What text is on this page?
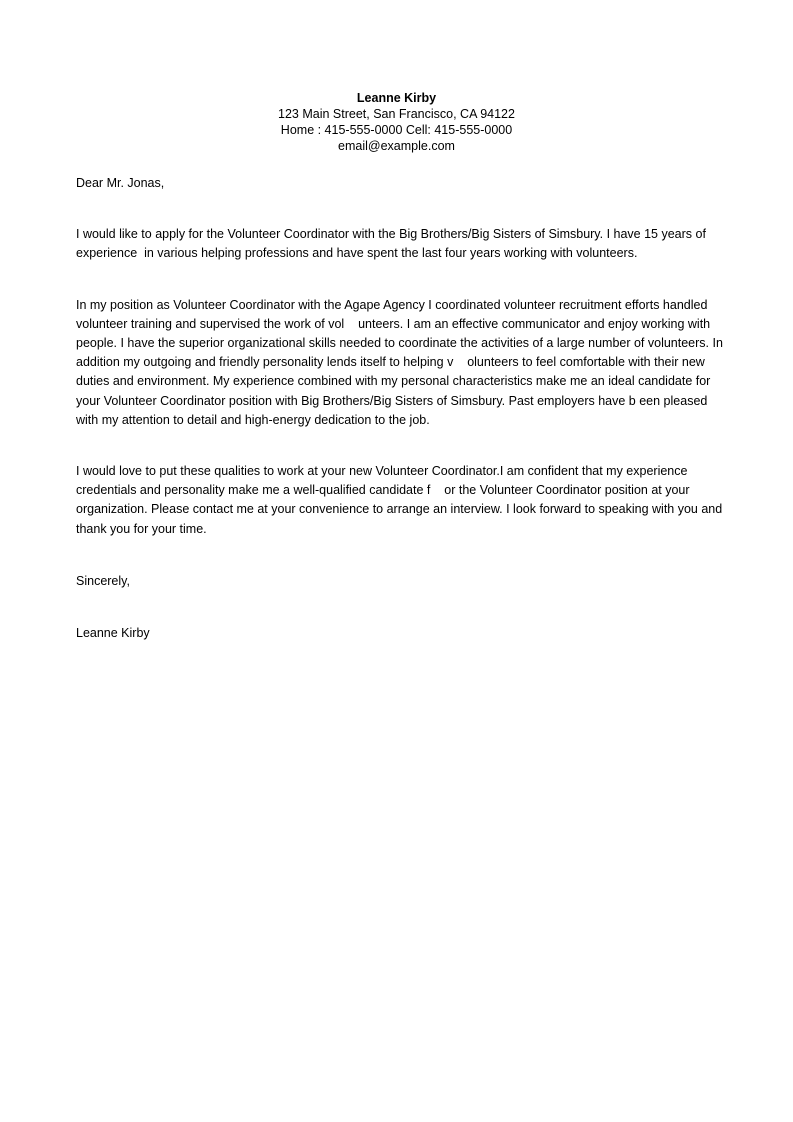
Leanne Kirby
123 Main Street, San Francisco, CA 94122
Home : 415-555-0000 Cell: 415-555-0000
email@example.com

Dear Mr. Jonas,

I would like to apply for the Volunteer Coordinator with the Big Brothers/Big Sisters of Simsbury. I have 15 years of experience  in various helping professions and have spent the last four years working with volunteers.

In my position as Volunteer Coordinator with the Agape Agency I coordinated volunteer recruitment efforts handled volunteer training and supervised the work of vol    unteers. I am an effective communicator and enjoy working with people. I have the superior organizational skills needed to coordinate the activities of a large number of volunteers. In addition my outgoing and friendly personality lends itself to helping v    olunteers to feel comfortable with their new duties and environment. My experience combined with my personal characteristics make me an ideal candidate for your Volunteer Coordinator position with Big Brothers/Big Sisters of Simsbury. Past employers have b een pleased with my attention to detail and high-energy dedication to the job.

I would love to put these qualities to work at your new Volunteer Coordinator.I am confident that my experience credentials and personality make me a well-qualified candidate f    or the Volunteer Coordinator position at your organization. Please contact me at your convenience to arrange an interview. I look forward to speaking with you and thank you for your time.

Sincerely,

Leanne Kirby
